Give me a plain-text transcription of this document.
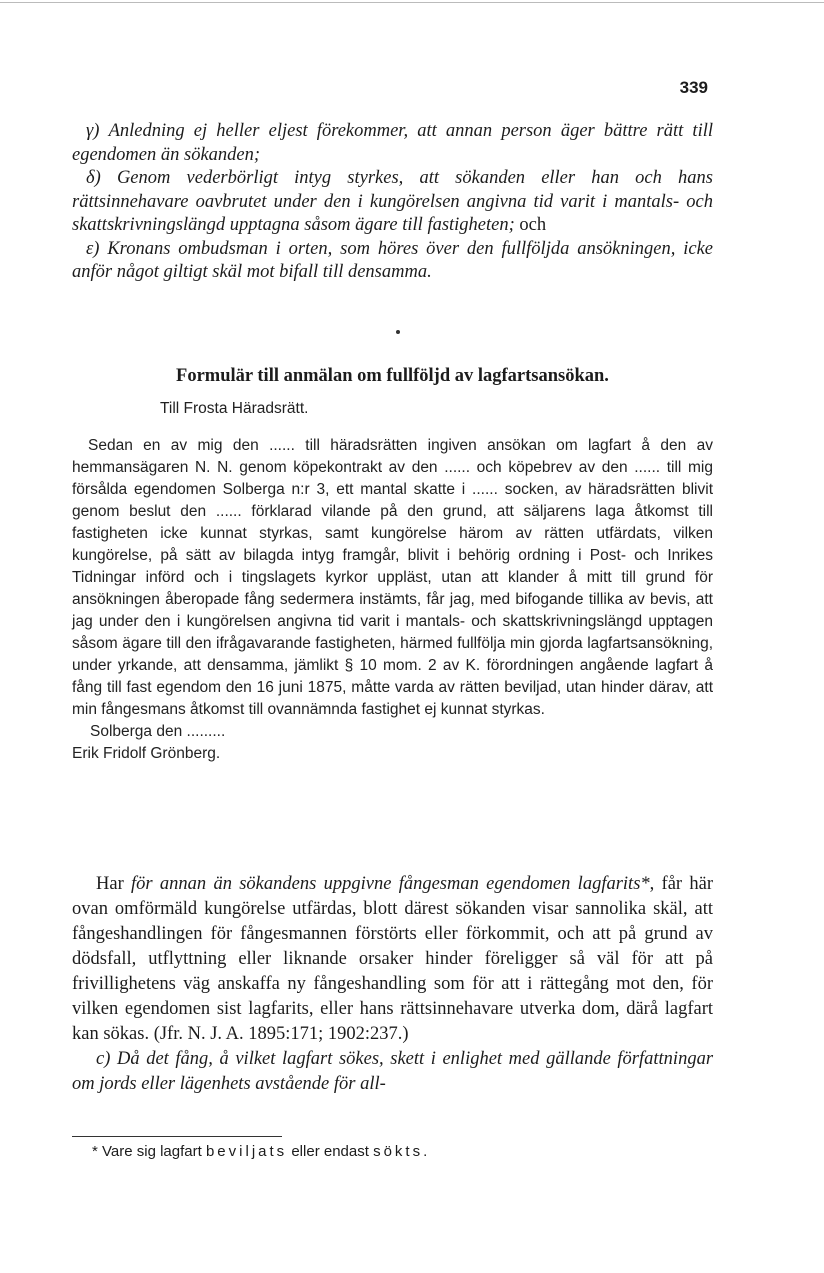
339

γ) Anledning ej heller eljest förekommer, att annan person äger bättre rätt till egendomen än sökanden;

δ) Genom vederbörligt intyg styrkes, att sökanden eller han och hans rättsinnehavare oavbrutet under den i kungörelsen angivna tid varit i mantals- och skattskrivningslängd upptagna såsom ägare till fastigheten; och

ε) Kronans ombudsman i orten, som höres över den fullföljda ansökningen, icke anför något giltigt skäl mot bifall till densamma.

Formulär till anmälan om fullföljd av lagfartsansökan.

Till Frosta Häradsrätt.

Sedan en av mig den ...... till häradsrätten ingiven ansökan om lagfart å den av hemmansägaren N. N. genom köpekontrakt av den ...... och köpebrev av den ...... till mig försålda egendomen Solberga n:r 3, ett mantal skatte i ...... socken, av häradsrätten blivit genom beslut den ...... förklarad vilande på den grund, att säljarens laga åtkomst till fastigheten icke kunnat styrkas, samt kungörelse härom av rätten utfärdats, vilken kungörelse, på sätt av bilagda intyg framgår, blivit i behörig ordning i Post- och Inrikes Tidningar införd och i tingslagets kyrkor uppläst, utan att klander å mitt till grund för ansökningen åberopade fång sedermera instämts, får jag, med bifogande tillika av bevis, att jag under den i kungörelsen angivna tid varit i mantals- och skattskrivningslängd upptagen såsom ägare till den ifrågavarande fastigheten, härmed fullfölja min gjorda lagfartsansökning, under yrkande, att densamma, jämlikt § 10 mom. 2 av K. förordningen angående lagfart å fång till fast egendom den 16 juni 1875, måtte varda av rätten beviljad, utan hinder därav, att min fångesmans åtkomst till ovannämnda fastighet ej kunnat styrkas.

Solberga den .........

Erik Fridolf Grönberg.

Har för annan än sökandens uppgivne fångesman egendomen lagfarits*, får här ovan omförmäld kungörelse utfärdas, blott därest sökanden visar sannolika skäl, att fångeshandlingen för fångesmannen förstörts eller förkommit, och att på grund av dödsfall, utflyttning eller liknande orsaker hinder föreligger så väl för att på frivillighetens väg anskaffa ny fångeshandling som för att i rättegång mot den, för vilken egendomen sist lagfarits, eller hans rättsinnehavare utverka dom, därå lagfart kan sökas. (Jfr. N. J. A. 1895:171; 1902:237.)

c) Då det fång, å vilket lagfart sökes, skett i enlighet med gällande författningar om jords eller lägenhets avstående för all-

* Vare sig lagfart beviljats eller endast sökts.
